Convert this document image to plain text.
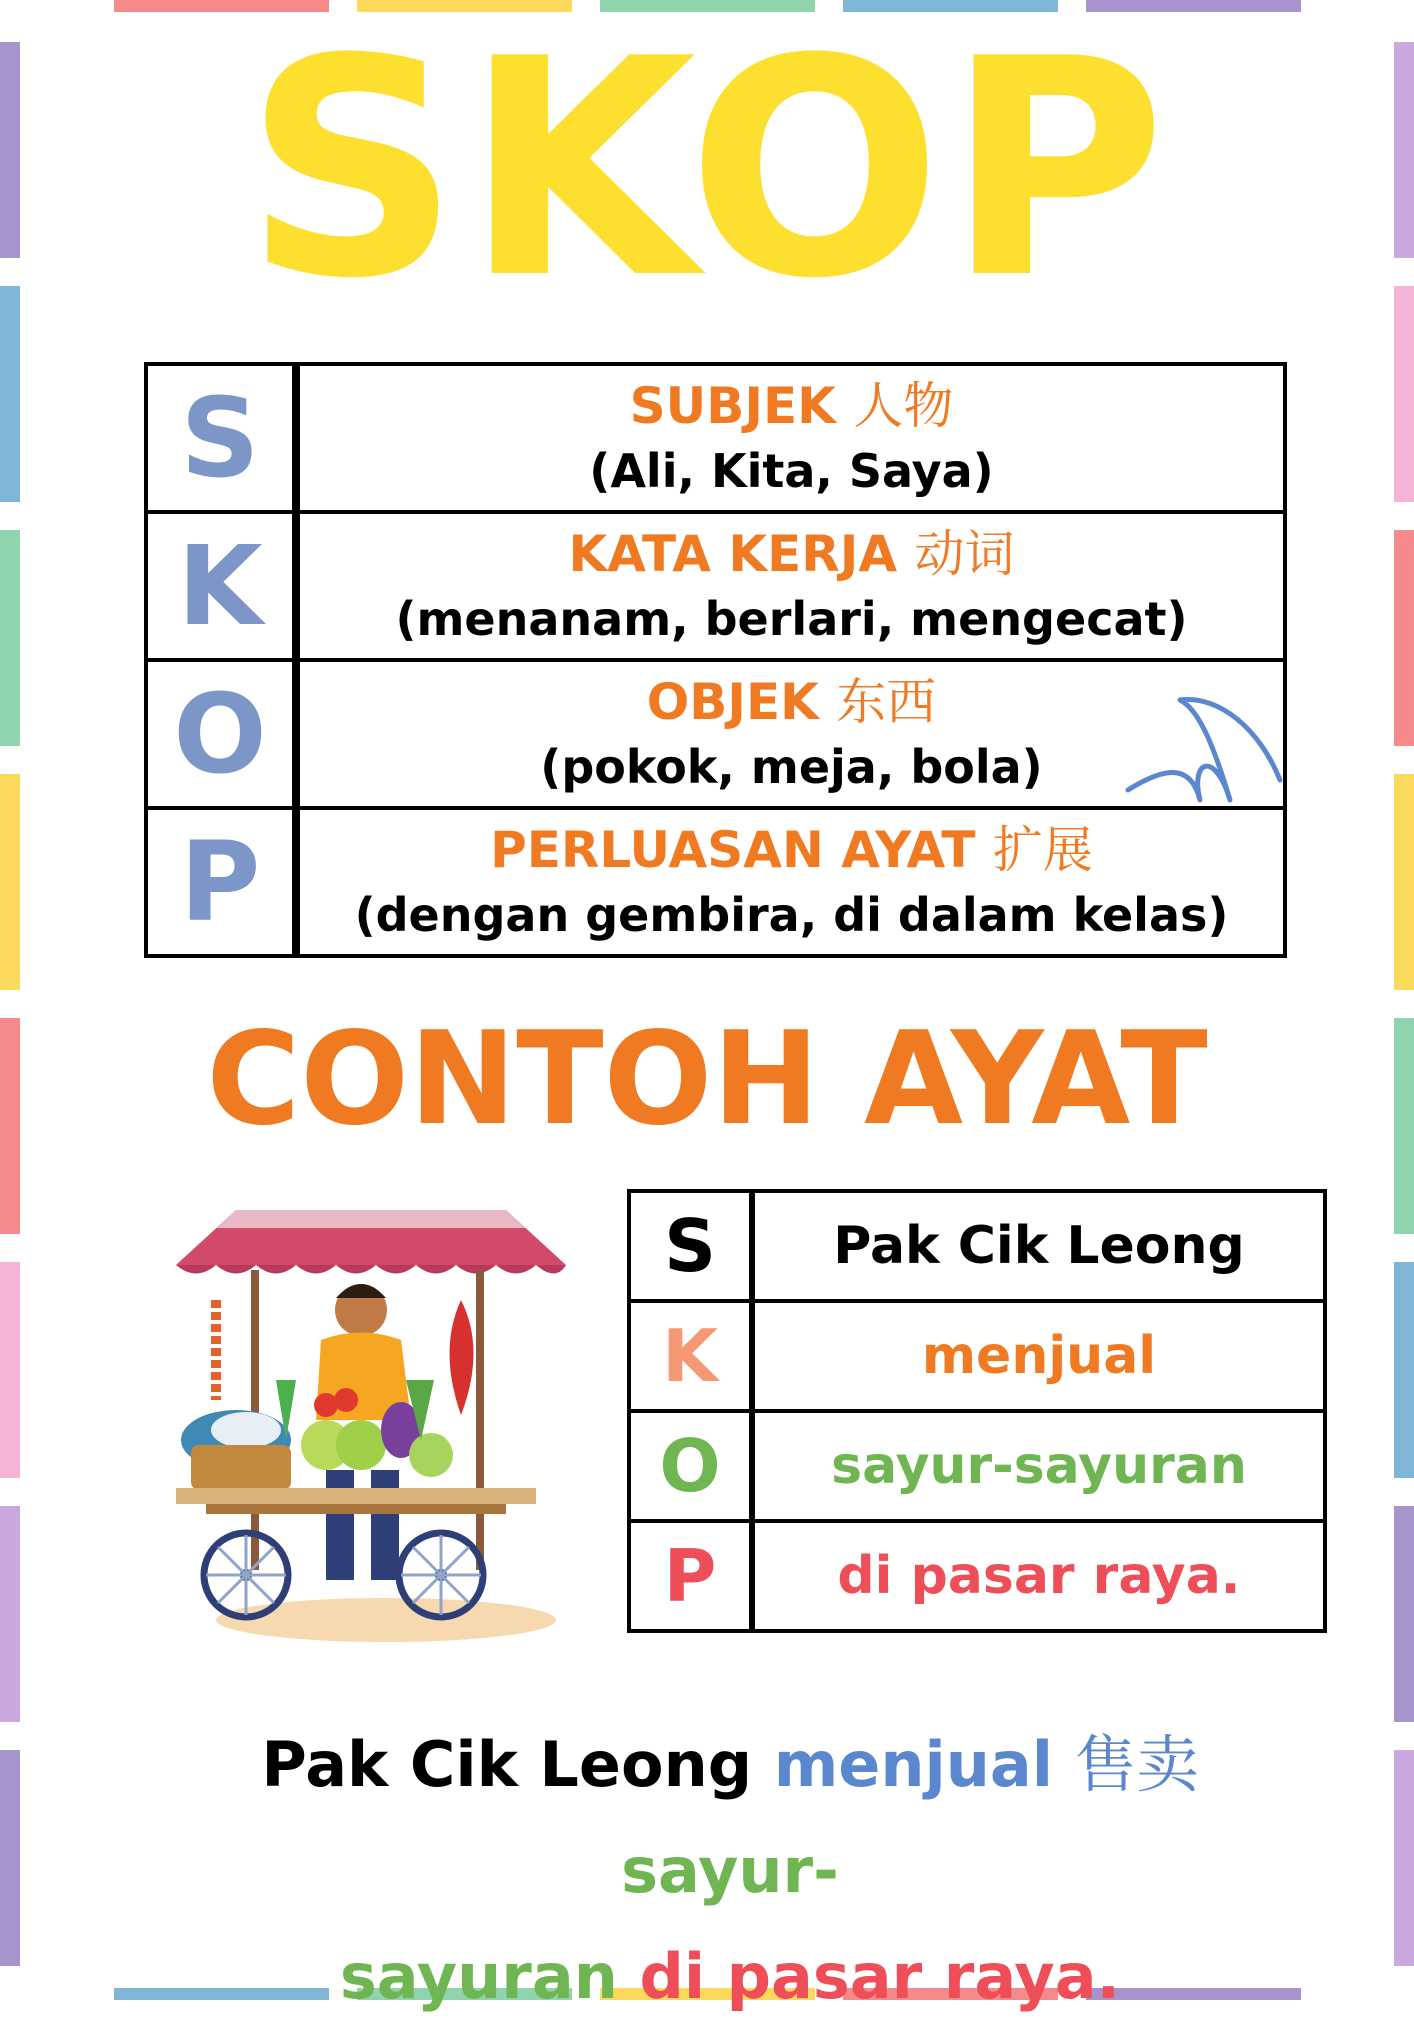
SKOP
S	SUBJEK 人物
(Ali, Kita, Saya)

K	KATA KERJA 动词
(menanam, berlari, mengecat)

O	OBJEK 东西
(pokok, meja, bola)

P	PERLUASAN AYAT 扩展
(dengan gembira, di dalam kelas)
CONTOH AYAT
S	Pak Cik Leong
K	menjual
O	sayur-sayuran
P	di pasar raya.
Pak Cik Leong menjual 售卖 sayur-
sayuran di pasar raya.
